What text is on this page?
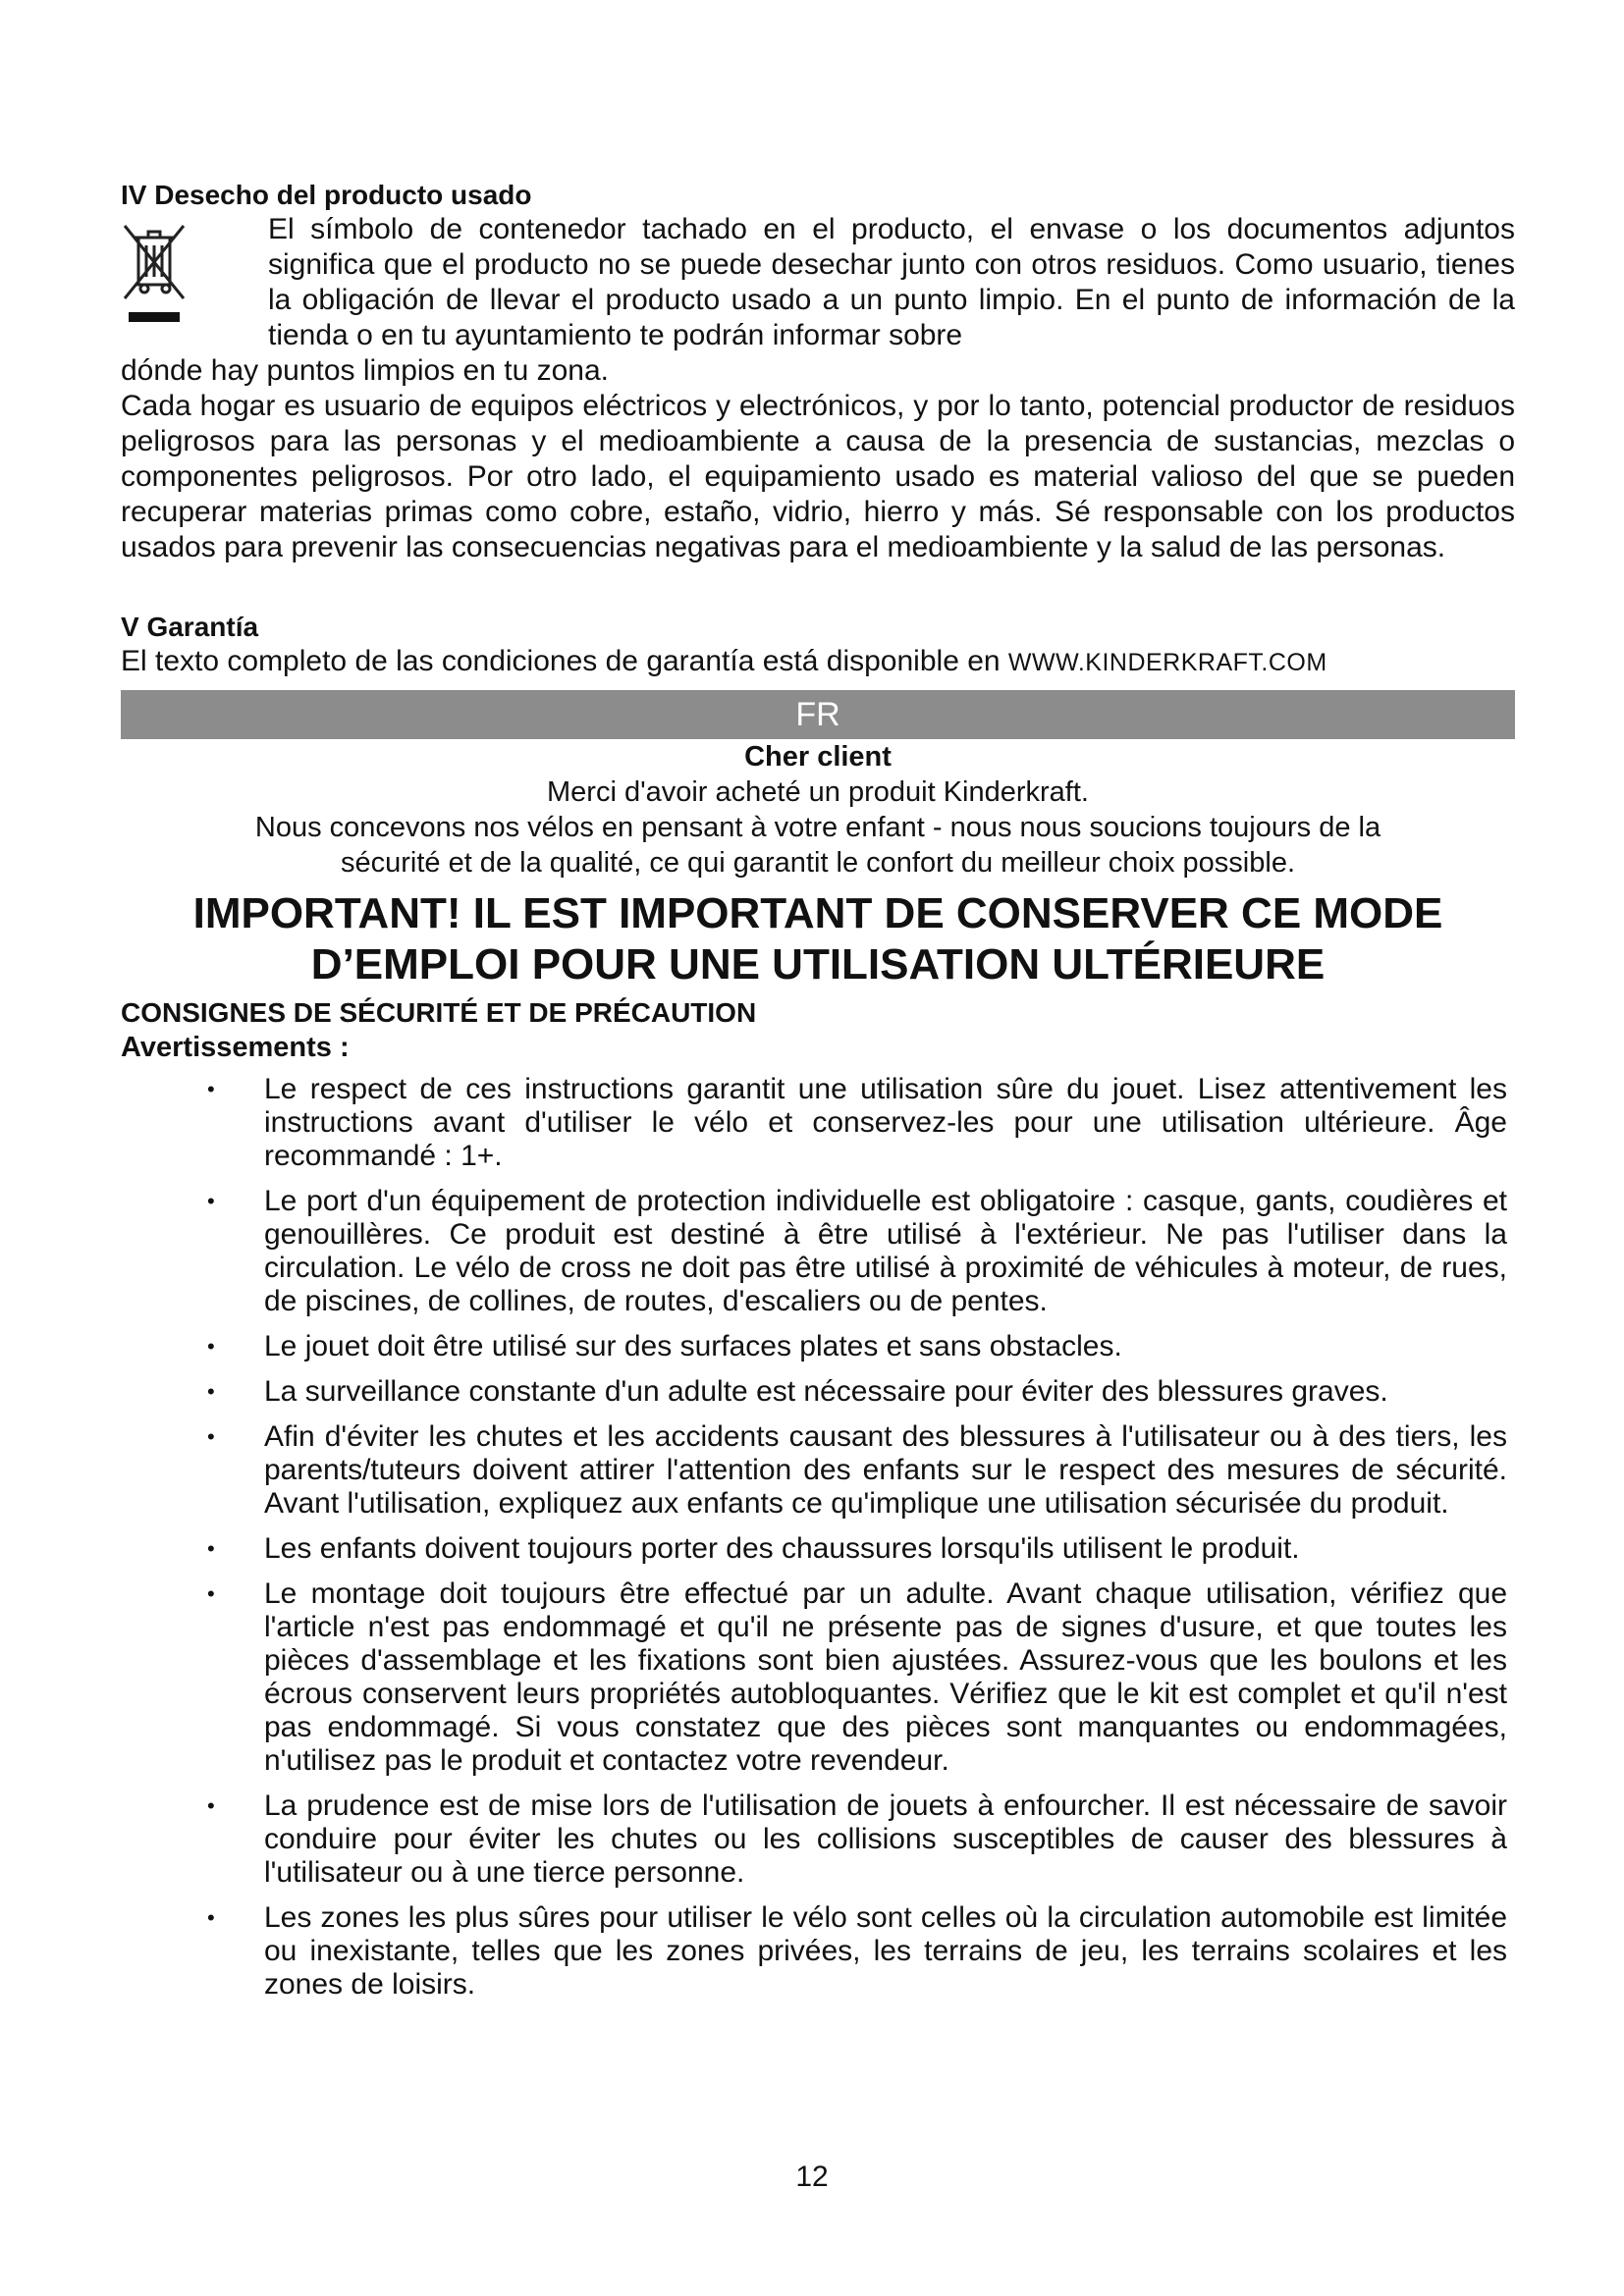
IV Desecho del producto usado

El símbolo de contenedor tachado en el producto, el envase o los documentos adjuntos significa que el producto no se puede desechar junto con otros residuos. Como usuario, tienes la obligación de llevar el producto usado a un punto limpio. En el punto de información de la tienda o en tu ayuntamiento te podrán informar sobre

dónde hay puntos limpios en tu zona.

Cada hogar es usuario de equipos eléctricos y electrónicos, y por lo tanto, potencial productor de residuos peligrosos para las personas y el medioambiente a causa de la presencia de sustancias, mezclas o componentes peligrosos. Por otro lado, el equipamiento usado es material valioso del que se pueden recuperar materias primas como cobre, estaño, vidrio, hierro y más. Sé responsable con los productos usados para prevenir las consecuencias negativas para el medioambiente y la salud de las personas.

V Garantía

El texto completo de las condiciones de garantía está disponible en WWW.KINDERKRAFT.COM

FR
Cher client
Merci d'avoir acheté un produit Kinderkraft.
Nous concevons nos vélos en pensant à votre enfant - nous nous soucions toujours de la
sécurité et de la qualité, ce qui garantit le confort du meilleur choix possible.
IMPORTANT! IL EST IMPORTANT DE CONSERVER CE MODE
D’EMPLOI POUR UNE UTILISATION ULTÉRIEURE
CONSIGNES DE SÉCURITÉ ET DE PRÉCAUTION
Avertissements :
• Le respect de ces instructions garantit une utilisation sûre du jouet. Lisez attentivement les instructions avant d'utiliser le vélo et conservez-les pour une utilisation ultérieure. Âge recommandé : 1+.
• Le port d'un équipement de protection individuelle est obligatoire : casque, gants, coudières et genouillères. Ce produit est destiné à être utilisé à l'extérieur. Ne pas l'utiliser dans la circulation. Le vélo de cross ne doit pas être utilisé à proximité de véhicules à moteur, de rues, de piscines, de collines, de routes, d'escaliers ou de pentes.
• Le jouet doit être utilisé sur des surfaces plates et sans obstacles.
• La surveillance constante d'un adulte est nécessaire pour éviter des blessures graves.
• Afin d'éviter les chutes et les accidents causant des blessures à l'utilisateur ou à des tiers, les parents/tuteurs doivent attirer l'attention des enfants sur le respect des mesures de sécurité. Avant l'utilisation, expliquez aux enfants ce qu'implique une utilisation sécurisée du produit.
• Les enfants doivent toujours porter des chaussures lorsqu'ils utilisent le produit.
• Le montage doit toujours être effectué par un adulte. Avant chaque utilisation, vérifiez que l'article n'est pas endommagé et qu'il ne présente pas de signes d'usure, et que toutes les pièces d'assemblage et les fixations sont bien ajustées. Assurez-vous que les boulons et les écrous conservent leurs propriétés autobloquantes. Vérifiez que le kit est complet et qu'il n'est pas endommagé. Si vous constatez que des pièces sont manquantes ou endommagées, n'utilisez pas le produit et contactez votre revendeur.
• La prudence est de mise lors de l'utilisation de jouets à enfourcher. Il est nécessaire de savoir conduire pour éviter les chutes ou les collisions susceptibles de causer des blessures à l'utilisateur ou à une tierce personne.
• Les zones les plus sûres pour utiliser le vélo sont celles où la circulation automobile est limitée ou inexistante, telles que les zones privées, les terrains de jeu, les terrains scolaires et les zones de loisirs.
12
